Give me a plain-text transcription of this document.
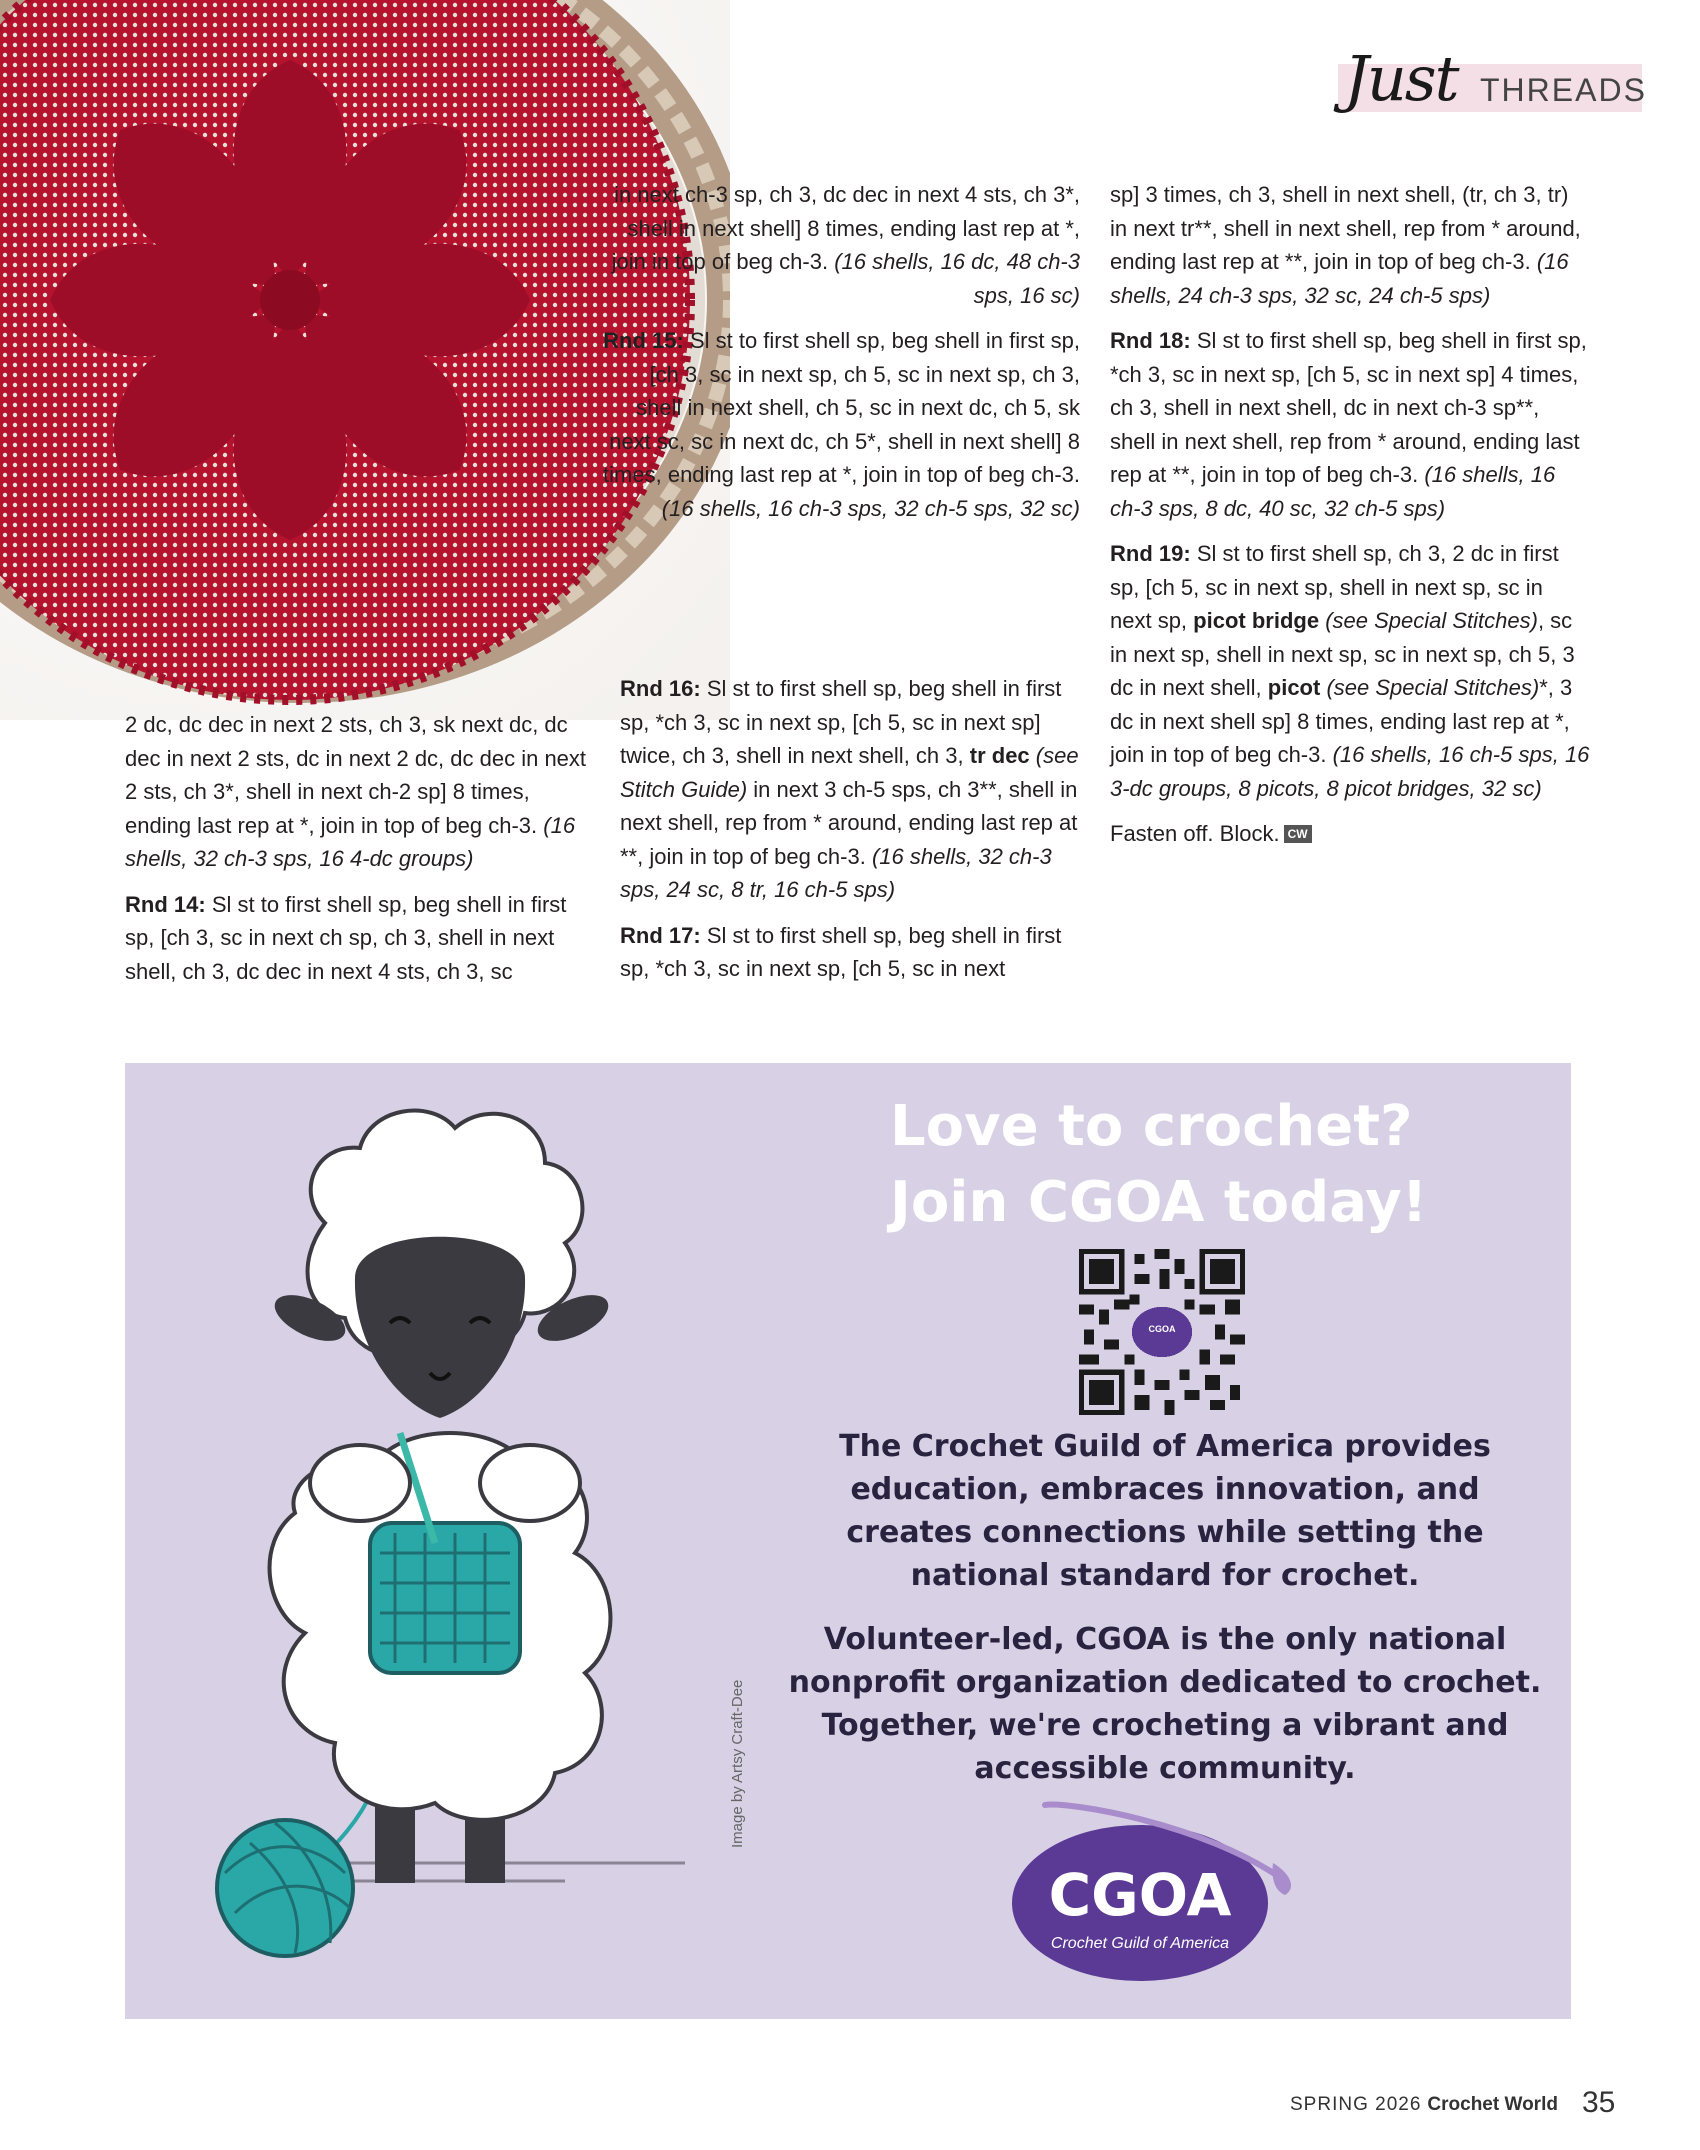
Just THREADS

2 dc, dc dec in next 2 sts, ch 3, sk next dc, dc dec in next 2 sts, dc in next 2 dc, dc dec in next 2 sts, ch 3*, shell in next ch-2 sp] 8 times, ending last rep at *, join in top of beg ch-3. (16 shells, 32 ch-3 sps, 16 4-dc groups)

Rnd 14: Sl st to first shell sp, beg shell in first sp, [ch 3, sc in next ch sp, ch 3, shell in next shell, ch 3, dc dec in next 4 sts, ch 3, sc

in next ch-3 sp, ch 3, dc dec in next 4 sts, ch 3*, shell in next shell] 8 times, ending last rep at *, join in top of beg ch-3. (16 shells, 16 dc, 48 ch-3 sps, 16 sc)

Rnd 15: Sl st to first shell sp, beg shell in first sp, [ch 3, sc in next sp, ch 5, sc in next sp, ch 3, shell in next shell, ch 5, sc in next dc, ch 5, sk next sc, sc in next dc, ch 5*, shell in next shell] 8 times, ending last rep at *, join in top of beg ch-3. (16 shells, 16 ch-3 sps, 32 ch-5 sps, 32 sc)

Rnd 16: Sl st to first shell sp, beg shell in first sp, *ch 3, sc in next sp, [ch 5, sc in next sp] twice, ch 3, shell in next shell, ch 3, tr dec (see Stitch Guide) in next 3 ch-5 sps, ch 3**, shell in next shell, rep from * around, ending last rep at **, join in top of beg ch-3. (16 shells, 32 ch-3 sps, 24 sc, 8 tr, 16 ch-5 sps)

Rnd 17: Sl st to first shell sp, beg shell in first sp, *ch 3, sc in next sp, [ch 5, sc in next

sp] 3 times, ch 3, shell in next shell, (tr, ch 3, tr) in next tr**, shell in next shell, rep from * around, ending last rep at **, join in top of beg ch-3. (16 shells, 24 ch-3 sps, 32 sc, 24 ch-5 sps)

Rnd 18: Sl st to first shell sp, beg shell in first sp, *ch 3, sc in next sp, [ch 5, sc in next sp] 4 times, ch 3, shell in next shell, dc in next ch-3 sp**, shell in next shell, rep from * around, ending last rep at **, join in top of beg ch-3. (16 shells, 16 ch-3 sps, 8 dc, 40 sc, 32 ch-5 sps)

Rnd 19: Sl st to first shell sp, ch 3, 2 dc in first sp, [ch 5, sc in next sp, shell in next sp, sc in next sp, picot bridge (see Special Stitches), sc in next sp, shell in next sp, sc in next sp, ch 5, 3 dc in next shell, picot (see Special Stitches)*, 3 dc in next shell sp] 8 times, ending last rep at *, join in top of beg ch-3. (16 shells, 16 ch-5 sps, 16 3-dc groups, 8 picots, 8 picot bridges, 32 sc)

Fasten off. Block. CW

Love to crochet?
Join CGOA today!
CGOA
The Crochet Guild of America provides education, embraces innovation, and creates connections while setting the national standard for crochet.
Volunteer-led, CGOA is the only national nonprofit organization dedicated to crochet. Together, we're crocheting a vibrant and accessible community.
Image by Artsy Craft-Dee
CGOA
Crochet Guild of America
SPRING 2026 Crochet World 35
